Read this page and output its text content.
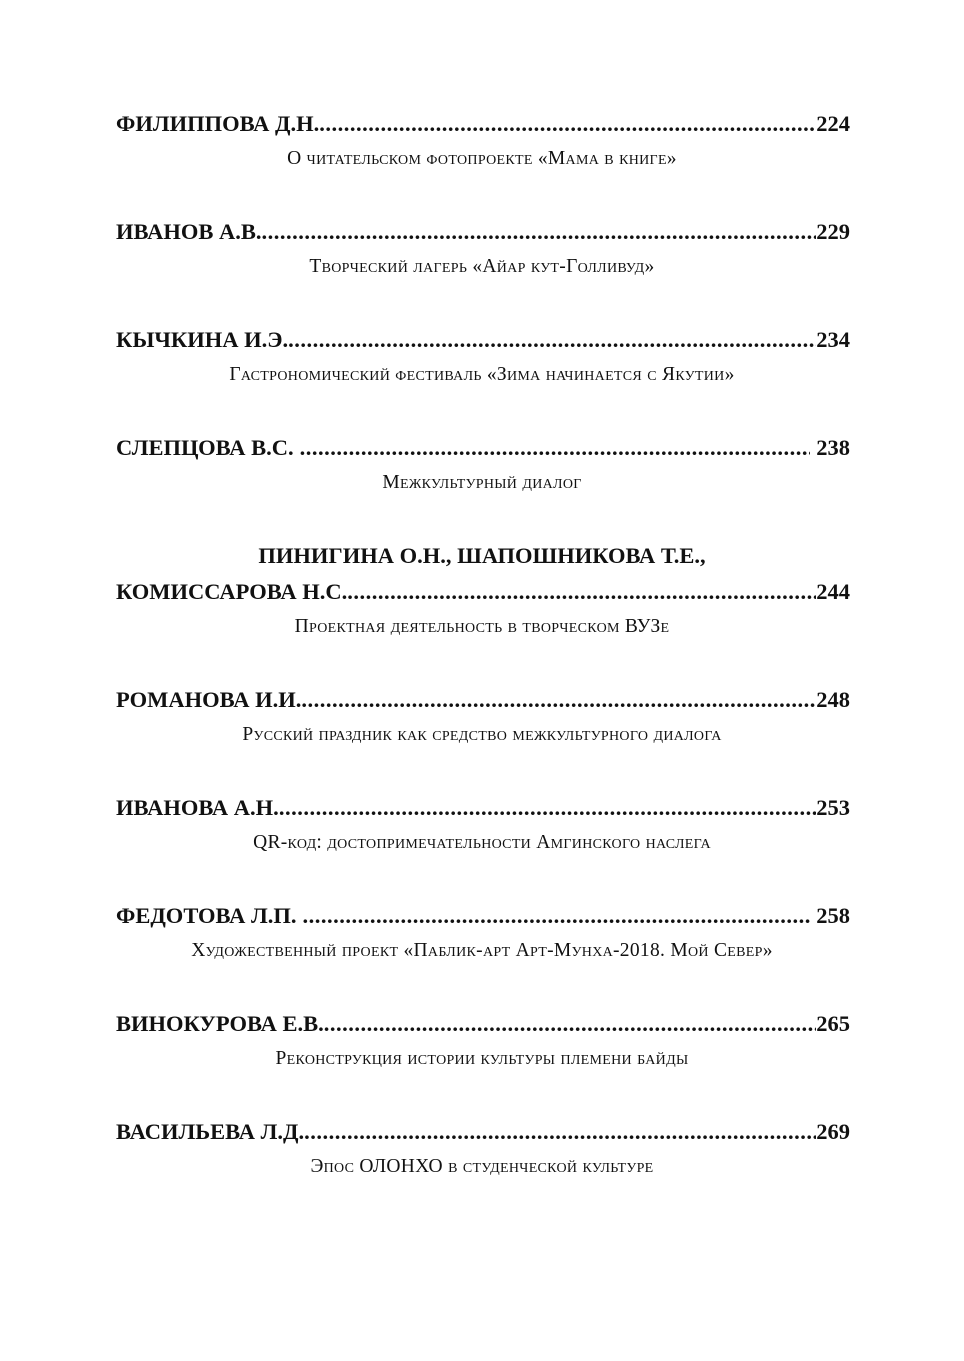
ФИЛИППОВА Д.Н. .....	224
О читательском фотопроекте «Мама в книге»
ИВАНОВ А.В. .....	229
Творческий лагерь «Айар кут-Голливуд»
КЫЧКИНА И.Э. .....	234
Гастрономический фестиваль «Зима начинается с Якутии»
СЛЕПЦОВА В.С. .....	238
Межкультурный диалог
ПИНИГИНА О.Н., ШАПОШНИКОВА Т.Е.,
КОМИССАРОВА Н.С. .....	244
Проектная деятельность в творческом ВУЗе
РОМАНОВА И.И. .....	248
Русский праздник как средство межкультурного диалога
ИВАНОВА А.Н. .....	253
QR-код: достопримечательности Амгинского наслега
ФЕДОТОВА Л.П. .....	258
Художественный проект «Паблик-арт Арт-Мунха-2018. Мой Север»
ВИНОКУРОВА Е.В. .....	265
Реконструкция истории культуры племени байды
ВАСИЛЬЕВА Л.Д. .....	269
Эпос ОЛОНХО в студенческой культуре
